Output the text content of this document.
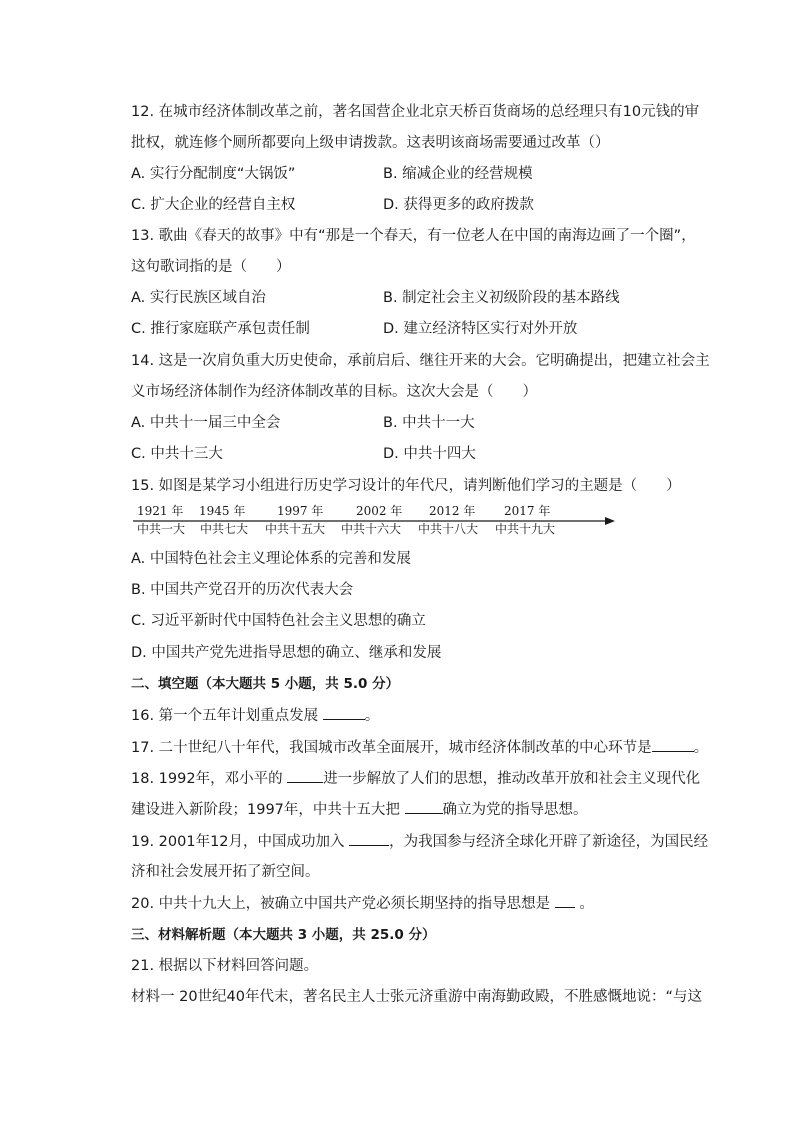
12. 在城市经济体制改革之前，著名国营企业北京天桥百货商场的总经理只有10元钱的审
批权，就连修个厕所都要向上级申请拨款。这表明该商场需要通过改革（）
A. 实行分配制度“大锅饭”	B. 缩减企业的经营规模
C. 扩大企业的经营自主权	D. 获得更多的政府拨款
13. 歌曲《春天的故事》中有“那是一个春天，有一位老人在中国的南海边画了一个圈”，
这句歌词指的是（　　）
A. 实行民族区域自治	B. 制定社会主义初级阶段的基本路线
C. 推行家庭联产承包责任制	D. 建立经济特区实行对外开放
14. 这是一次肩负重大历史使命，承前启后、继往开来的大会。它明确提出，把建立社会主
义市场经济体制作为经济体制改革的目标。这次大会是（　　）
A. 中共十一届三中全会	B. 中共十一大
C. 中共十三大	D. 中共十四大
15. 如图是某学习小组进行历史学习设计的年代尺，请判断他们学习的主题是（　　）
1921 年 1945 年	1997 年	2002 年 2012 年 2017 年
中共一大 中共七大 中共十五大 中共十六大 中共十八大 中共十九大
A. 中国特色社会主义理论体系的完善和发展
B. 中国共产党召开的历次代表大会
C. 习近平新时代中国特色社会主义思想的确立
D. 中国共产党先进指导思想的确立、继承和发展
二、填空题（本大题共 5 小题，共 5.0 分）
16. 第一个五年计划重点发展	。
17. 二十世纪八十年代，我国城市改革全面展开，城市经济体制改革的中心环节是	。
18. 1992年，邓小平的 进一步解放了人们的思想，推动改革开放和社会主义现代化
建设进入新阶段；1997年，中共十五大把	确立为党的指导思想。
19. 2001年12月，中国成功加入	，为我国参与经济全球化开辟了新途径，为国民经
济和社会发展开拓了新空间。
20. 中共十九大上，被确立中国共产党必须长期坚持的指导思想是  。
三、材料解析题（本大题共 3 小题，共 25.0 分）
21. 根据以下材料回答问题。
材料一 20世纪40年代末，著名民主人士张元济重游中南海勤政殿，不胜感慨地说：“与这
